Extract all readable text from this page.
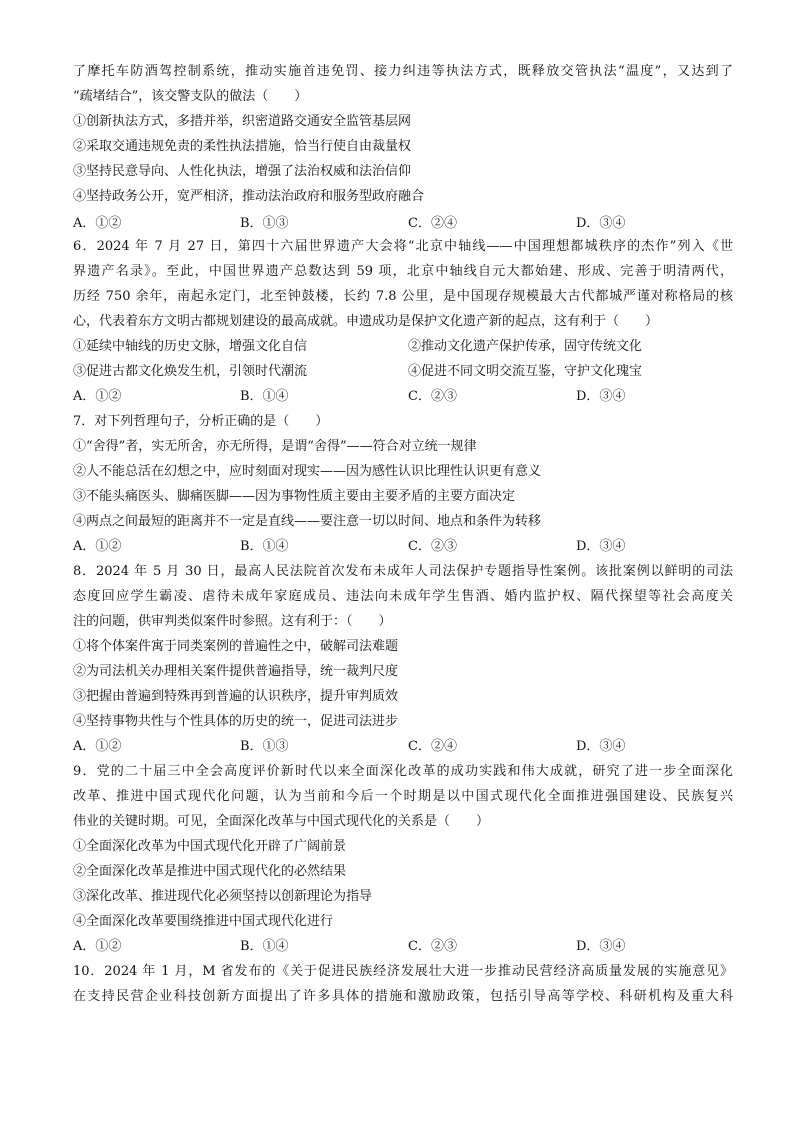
了摩托车防酒驾控制系统，推动实施首违免罚、接力纠违等执法方式，既释放交管执法“温度”，又达到了
“疏堵结合”，该交警支队的做法（　　）
①创新执法方式，多措并举，织密道路交通安全监管基层网
②采取交通违规免责的柔性执法措施，恰当行使自由裁量权
③坚持民意导向、人性化执法，增强了法治权威和法治信仰
④坚持政务公开，宽严相济，推动法治政府和服务型政府融合
A．①②	B．①③	C．②④	D．③④
6．2024 年 7 月 27 日，第四十六届世界遗产大会将“北京中轴线——中国理想都城秩序的杰作”列入《世
界遗产名录》。至此，中国世界遗产总数达到 59 项，北京中轴线自元大都始建、形成、完善于明清两代，
历经 750 余年，南起永定门，北至钟鼓楼，长约 7.8 公里，是中国现存规模最大古代都城严谨对称格局的核
心，代表着东方文明古都规划建设的最高成就。申遗成功是保护文化遗产新的起点，这有利于（　　）
①延续中轴线的历史文脉，增强文化自信	②推动文化遗产保护传承，固守传统文化
③促进古都文化焕发生机，引领时代潮流	④促进不同文明交流互鉴，守护文化瑰宝
A．①②	B．①④	C．②③	D．③④
7．对下列哲理句子，分析正确的是（　　）
①“舍得”者，实无所舍，亦无所得，是谓“舍得”——符合对立统一规律
②人不能总活在幻想之中，应时刻面对现实——因为感性认识比理性认识更有意义
③不能头痛医头、脚痛医脚——因为事物性质主要由主要矛盾的主要方面决定
④两点之间最短的距离并不一定是直线——要注意一切以时间、地点和条件为转移
A．①②	B．①④	C．②③	D．③④
8．2024 年 5 月 30 日，最高人民法院首次发布未成年人司法保护专题指导性案例。该批案例以鲜明的司法
态度回应学生霸凌、虐待未成年家庭成员、违法向未成年学生售酒、婚内监护权、隔代探望等社会高度关
注的问题，供审判类似案件时参照。这有利于：（　　）
①将个体案件寓于同类案例的普遍性之中，破解司法难题
②为司法机关办理相关案件提供普遍指导，统一裁判尺度
③把握由普遍到特殊再到普遍的认识秩序，提升审判质效
④坚持事物共性与个性具体的历史的统一，促进司法进步
A．①②	B．①③	C．②④	D．③④
9．党的二十届三中全会高度评价新时代以来全面深化改革的成功实践和伟大成就，研究了进一步全面深化
改革、推进中国式现代化问题，认为当前和今后一个时期是以中国式现代化全面推进强国建设、民族复兴
伟业的关键时期。可见，全面深化改革与中国式现代化的关系是（　　）
①全面深化改革为中国式现代化开辟了广阔前景
②全面深化改革是推进中国式现代化的必然结果
③深化改革、推进现代化必须坚持以创新理论为指导
④全面深化改革要围绕推进中国式现代化进行
A．①②	B．①④	C．②③	D．③④
10．2024 年 1 月，M 省发布的《关于促进民族经济发展壮大进一步推动民营经济高质量发展的实施意见》
在支持民营企业科技创新方面提出了许多具体的措施和激励政策，包括引导高等学校、科研机构及重大科
